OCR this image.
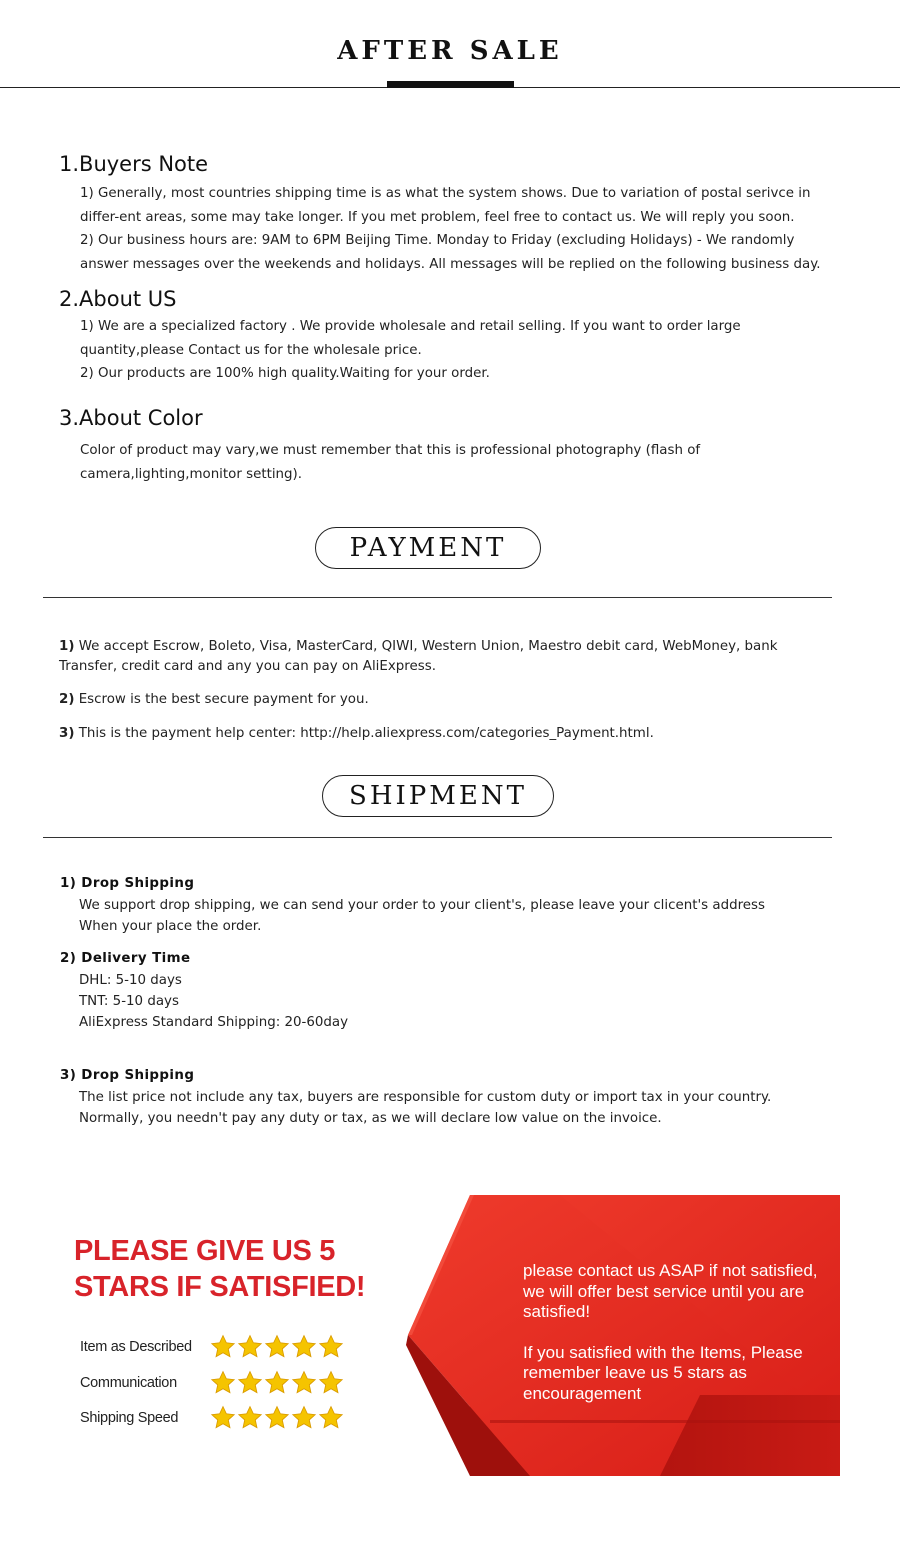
AFTER SALE
1.Buyers Note

1) Generally, most countries shipping time is as what the system shows. Due to variation of postal serivce in differ-ent areas, some may take longer. If you met problem, feel free to contact us. We will reply you soon.

2) Our business hours are: 9AM to 6PM Beijing Time. Monday to Friday (excluding Holidays) - We randomly answer messages over the weekends and holidays. All messages will be replied on the following business day.

2.About US

1) We are a specialized factory . We provide wholesale and retail selling. If you want to order large quantity,please Contact us for the wholesale price.

2) Our products are 100% high quality.Waiting for your order.

3.About Color

Color of product may vary,we must remember that this is professional photography (flash of camera,lighting,monitor setting).

PAYMENT
1) We accept Escrow, Boleto, Visa, MasterCard, QIWI, Western Union, Maestro debit card, WebMoney, bank Transfer, credit card and any you can pay on AliExpress.
2) Escrow is the best secure payment for you.
3) This is the payment help center: http://help.aliexpress.com/categories_Payment.html.
SHIPMENT
1) Drop Shipping

We support drop shipping, we can send your order to your client's, please leave your clicent's address

When your place the order.

2) Delivery Time

DHL: 5-10 days

TNT: 5-10 days

AliExpress Standard Shipping: 20-60day

3) Drop Shipping

The list price not include any tax, buyers are responsible for custom duty or import tax in your country.

Normally, you needn't pay any duty or tax, as we will declare low value on the invoice.

PLEASE GIVE US 5
STARS IF SATISFIED!
Item as Described
Communication
Shipping Speed

please contact us ASAP if not satisfied, we will offer best service until you are satisfied!

If you satisfied with the Items, Please remember leave us 5 stars as encouragement
